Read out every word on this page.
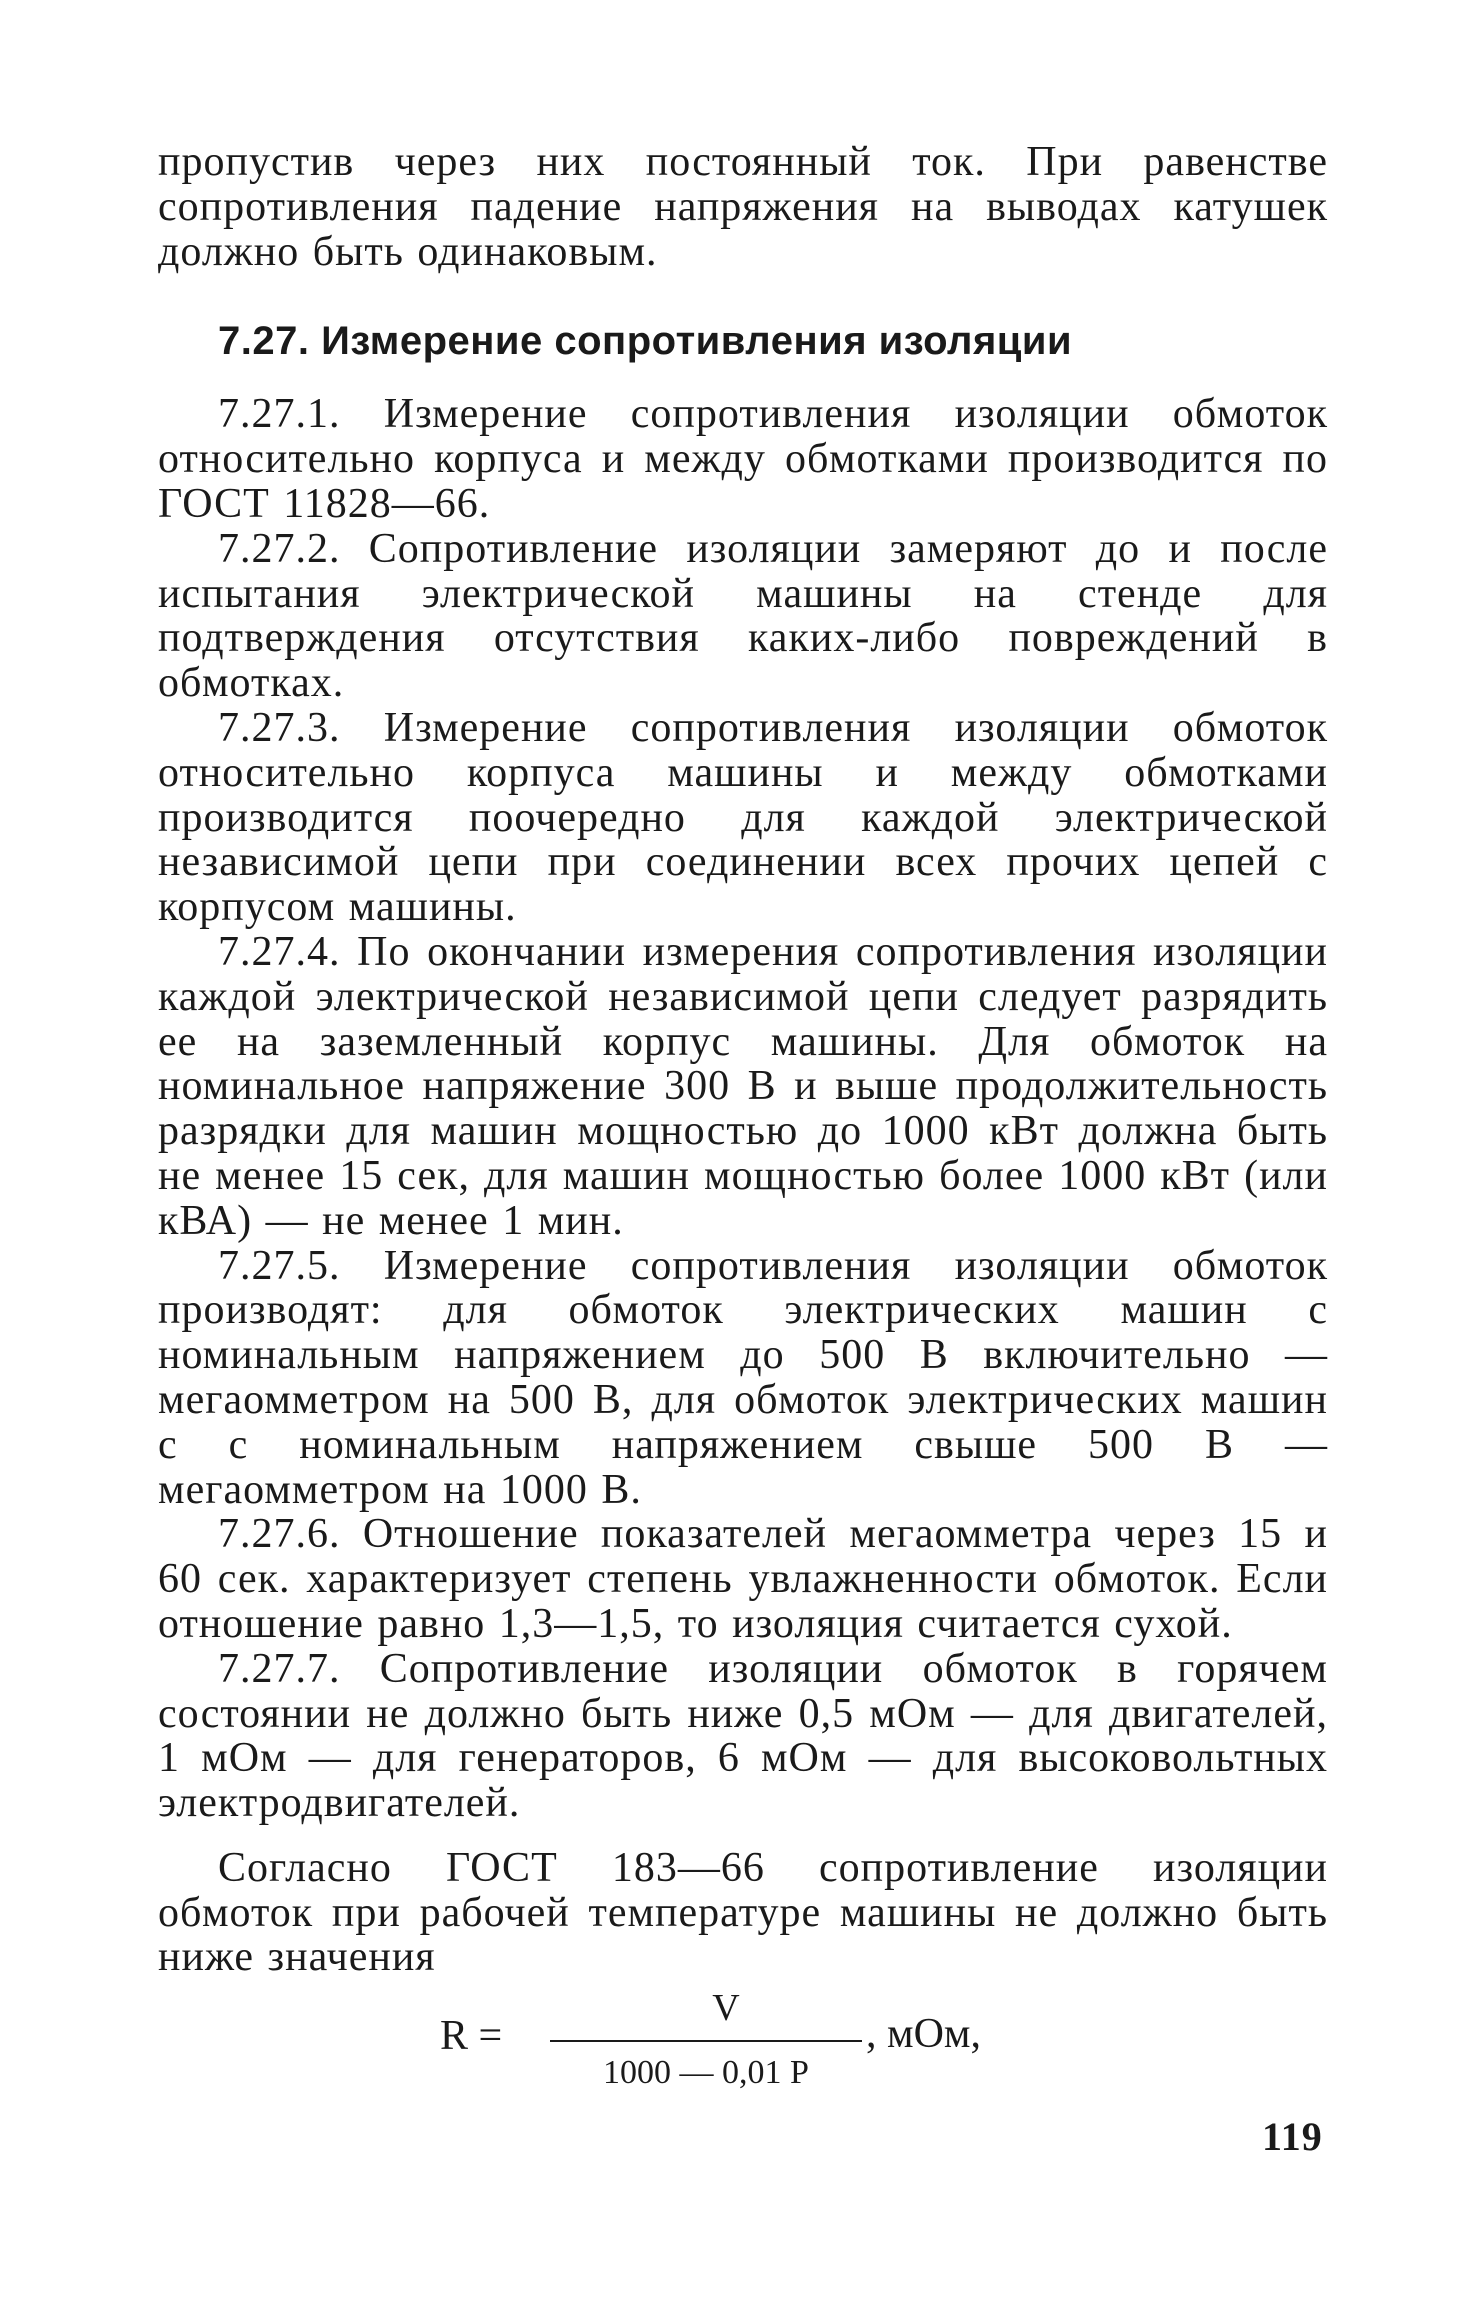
пропустив через них постоянный ток. При равенстве сопротивления падение напряжения на выводах катушек должно быть одинаковым.

7.27. Измерение сопротивления изоляции

7.27.1. Измерение сопротивления изоляции обмоток относительно корпуса и между обмотками производится по ГОСТ 11828—66.

7.27.2. Сопротивление изоляции замеряют до и после испытания электрической машины на стенде для подтверждения отсутствия каких-либо повреждений в обмотках.

7.27.3. Измерение сопротивления изоляции обмоток относительно корпуса машины и между обмотками производится поочередно для каждой электрической независимой цепи при соединении всех прочих цепей с корпусом машины.

7.27.4. По окончании измерения сопротивления изоляции каждой электрической независимой цепи следует разрядить ее на заземленный корпус машины. Для обмоток на номинальное напряжение 300 В и выше продолжительность разрядки для машин мощностью до 1000 кВт должна быть не менее 15 сек, для машин мощностью более 1000 кВт (или кВА) — не менее 1 мин.

7.27.5. Измерение сопротивления изоляции обмоток производят: для обмоток электрических машин с номинальным напряжением до 500 В включительно — мегаомметром на 500 В, для обмоток электрических машин с с номинальным напряжением свыше 500 В — мегаомметром на 1000 В.

7.27.6. Отношение показателей мегаомметра через 15 и 60 сек. характеризует степень увлажненности обмоток. Если отношение равно 1,3—1,5, то изоляция считается сухой.

7.27.7. Сопротивление изоляции обмоток в горячем состоянии не должно быть ниже 0,5 мОм — для двигателей, 1 мОм — для генераторов, 6 мОм — для высоковольтных электродвигателей.

Согласно ГОСТ 183—66 сопротивление изоляции обмоток при рабочей температуре машины не должно быть ниже значения

R =
V
1000 — 0,01 P
, мОм,
119
